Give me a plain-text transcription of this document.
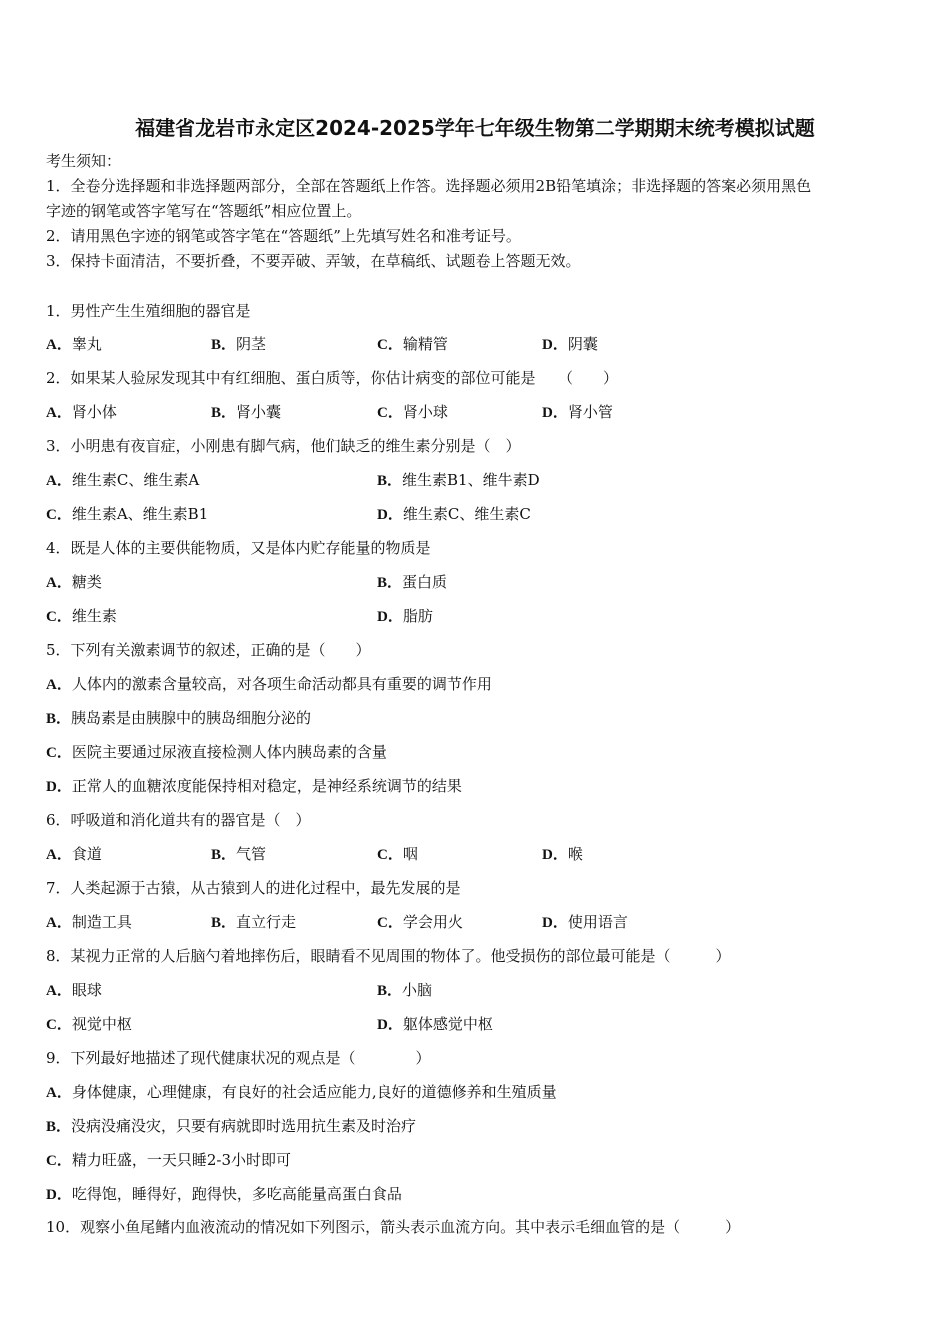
福建省龙岩市永定区2024-2025学年七年级生物第二学期期末统考模拟试题
考生须知：
1．全卷分选择题和非选择题两部分，全部在答题纸上作答。选择题必须用2B铅笔填涂；非选择题的答案必须用黑色
字迹的钢笔或答字笔写在“答题纸”相应位置上。
2．请用黑色字迹的钢笔或答字笔在“答题纸”上先填写姓名和准考证号。
3．保持卡面清洁，不要折叠，不要弄破、弄皱，在草稿纸、试题卷上答题无效。
1．男性产生生殖细胞的器官是
A．睾丸	B．阴茎	C．输精管	D．阴囊
2．如果某人验尿发现其中有红细胞、蛋白质等，你估计病变的部位可能是　　（　　）
A．肾小体	B．肾小囊	C．肾小球	D．肾小管
3．小明患有夜盲症，小刚患有脚气病，他们缺乏的维生素分别是（　）
A．维生素C、维生素A	B．维生素B1、维牛素D
C．维生素A、维生素B1	D．维生素C、维生素C
4．既是人体的主要供能物质，又是体内贮存能量的物质是
A．糖类	B．蛋白质
C．维生素	D．脂肪
5．下列有关激素调节的叙述，正确的是（　　）
A．人体内的激素含量较高，对各项生命活动都具有重要的调节作用
B．胰岛素是由胰腺中的胰岛细胞分泌的
C．医院主要通过尿液直接检测人体内胰岛素的含量
D．正常人的血糖浓度能保持相对稳定，是神经系统调节的结果
6．呼吸道和消化道共有的器官是（　）
A．食道	B．气管	C．咽	D．喉
7．人类起源于古猿，从古猿到人的进化过程中，最先发展的是
A．制造工具	B．直立行走	C．学会用火	D．使用语言
8．某视力正常的人后脑勺着地摔伤后，眼睛看不见周围的物体了。他受损伤的部位最可能是（　　　）
A．眼球	B．小脑
C．视觉中枢	D．躯体感觉中枢
9．下列最好地描述了现代健康状况的观点是（　　　　）
A．身体健康，心理健康，有良好的社会适应能力,良好的道德修养和生殖质量
B．没病没痛没灾，只要有病就即时选用抗生素及时治疗
C．精力旺盛，一天只睡2-3小时即可
D．吃得饱，睡得好，跑得快，多吃高能量高蛋白食品
10．观察小鱼尾鳍内血液流动的情况如下列图示，箭头表示血流方向。其中表示毛细血管的是（　　　）
